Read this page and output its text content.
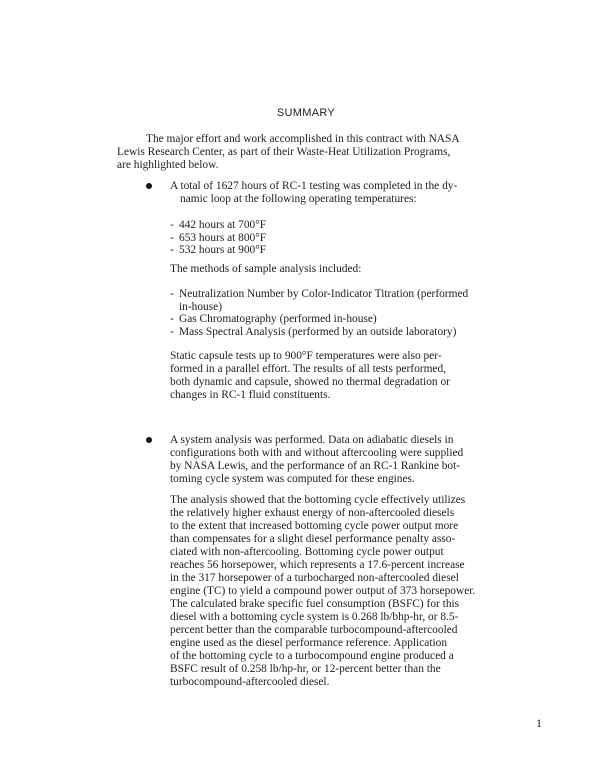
SUMMARY

The major effort and work accomplished in this contract with NASA
Lewis Research Center, as part of their Waste-Heat Utilization Programs,
are highlighted below.

A total of 1627 hours of RC-1 testing was completed in the dy-
namic loop at the following operating temperatures:

- 442 hours at 700°F
- 653 hours at 800°F
- 532 hours at 900°F

The methods of sample analysis included:

- Neutralization Number by Color-Indicator Titration (performed
in-house)
- Gas Chromatography (performed in-house)
- Mass Spectral Analysis (performed by an outside laboratory)

Static capsule tests up to 900°F temperatures were also per-
formed in a parallel effort. The results of all tests performed,
both dynamic and capsule, showed no thermal degradation or
changes in RC-1 fluid constituents.

A system analysis was performed. Data on adiabatic diesels in
configurations both with and without aftercooling were supplied
by NASA Lewis, and the performance of an RC-1 Rankine bot-
toming cycle system was computed for these engines.

The analysis showed that the bottoming cycle effectively utilizes
the relatively higher exhaust energy of non-aftercooled diesels
to the extent that increased bottoming cycle power output more
than compensates for a slight diesel performance penalty asso-
ciated with non-aftercooling. Bottoming cycle power output
reaches 56 horsepower, which represents a 17.6-percent increase
in the 317 horsepower of a turbocharged non-aftercooled diesel
engine (TC) to yield a compound power output of 373 horsepower.
The calculated brake specific fuel consumption (BSFC) for this
diesel with a bottoming cycle system is 0.268 lb/bhp-hr, or 8.5-
percent better than the comparable turbocompound-aftercooled
engine used as the diesel performance reference. Application
of the bottoming cycle to a turbocompound engine produced a
BSFC result of 0.258 lb/hp-hr, or 12-percent better than the
turbocompound-aftercooled diesel.

1
